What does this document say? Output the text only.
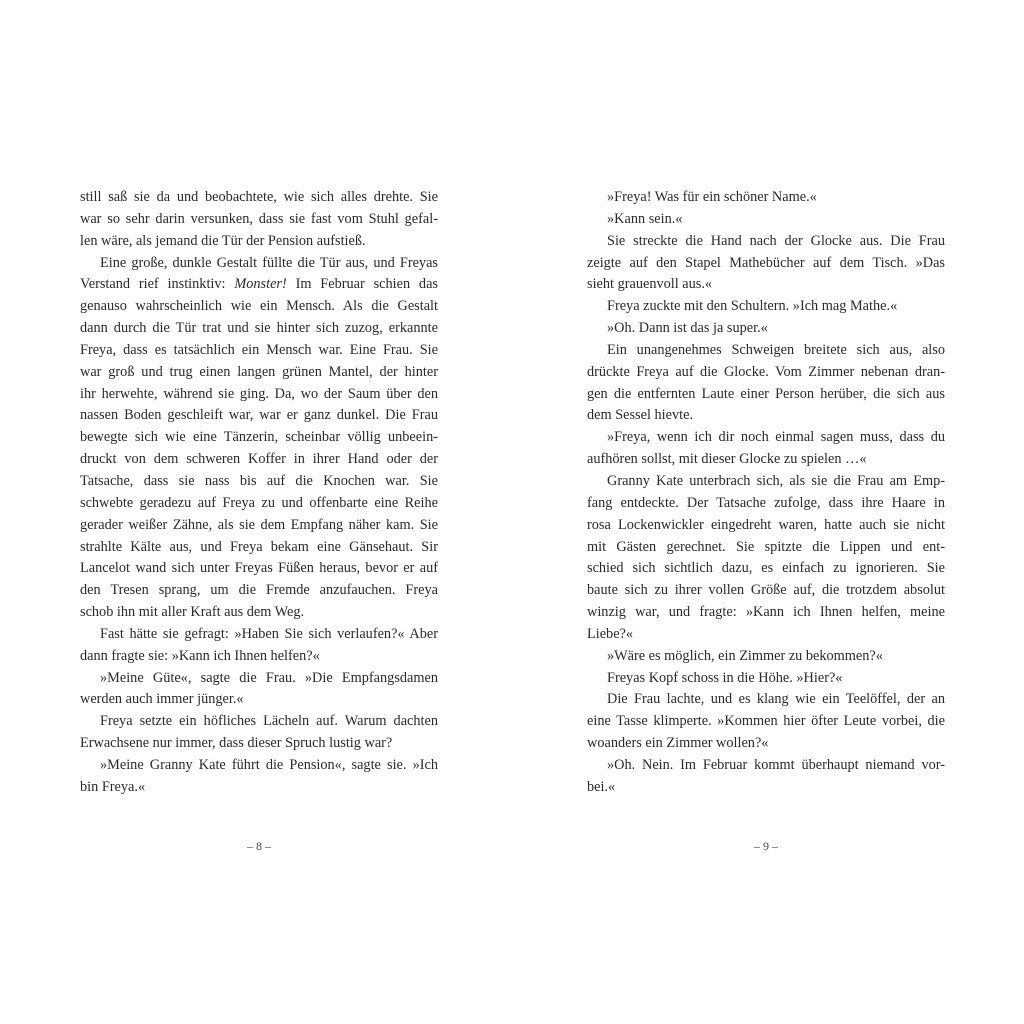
still saß sie da und beobachtete, wie sich alles drehte. Sie
war so sehr darin versunken, dass sie fast vom Stuhl gefal-
len wäre, als jemand die Tür der Pension aufstieß.
Eine große, dunkle Gestalt füllte die Tür aus, und Freyas
Verstand rief instinktiv: Monster! Im Februar schien das
genauso wahrscheinlich wie ein Mensch. Als die Gestalt
dann durch die Tür trat und sie hinter sich zuzog, erkannte
Freya, dass es tatsächlich ein Mensch war. Eine Frau. Sie
war groß und trug einen langen grünen Mantel, der hinter
ihr herwehte, während sie ging. Da, wo der Saum über den
nassen Boden geschleift war, war er ganz dunkel. Die Frau
bewegte sich wie eine Tänzerin, scheinbar völlig unbeein-
druckt von dem schweren Koffer in ihrer Hand oder der
Tatsache, dass sie nass bis auf die Knochen war. Sie
schwebte geradezu auf Freya zu und offenbarte eine Reihe
gerader weißer Zähne, als sie dem Empfang näher kam. Sie
strahlte Kälte aus, und Freya bekam eine Gänsehaut. Sir
Lancelot wand sich unter Freyas Füßen heraus, bevor er auf
den Tresen sprang, um die Fremde anzufauchen. Freya
schob ihn mit aller Kraft aus dem Weg.
Fast hätte sie gefragt: »Haben Sie sich verlaufen?« Aber
dann fragte sie: »Kann ich Ihnen helfen?«
»Meine Güte«, sagte die Frau. »Die Empfangsdamen
werden auch immer jünger.«
Freya setzte ein höfliches Lächeln auf. Warum dachten
Erwachsene nur immer, dass dieser Spruch lustig war?
»Meine Granny Kate führt die Pension«, sagte sie. »Ich
bin Freya.«
– 8 –
»Freya! Was für ein schöner Name.«
»Kann sein.«
Sie streckte die Hand nach der Glocke aus. Die Frau
zeigte auf den Stapel Mathebücher auf dem Tisch. »Das
sieht grauenvoll aus.«
Freya zuckte mit den Schultern. »Ich mag Mathe.«
»Oh. Dann ist das ja super.«
Ein unangenehmes Schweigen breitete sich aus, also
drückte Freya auf die Glocke. Vom Zimmer nebenan dran-
gen die entfernten Laute einer Person herüber, die sich aus
dem Sessel hievte.
»Freya, wenn ich dir noch einmal sagen muss, dass du
aufhören sollst, mit dieser Glocke zu spielen …«
Granny Kate unterbrach sich, als sie die Frau am Emp-
fang entdeckte. Der Tatsache zufolge, dass ihre Haare in
rosa Lockenwickler eingedreht waren, hatte auch sie nicht
mit Gästen gerechnet. Sie spitzte die Lippen und ent-
schied sich sichtlich dazu, es einfach zu ignorieren. Sie
baute sich zu ihrer vollen Größe auf, die trotzdem absolut
winzig war, und fragte: »Kann ich Ihnen helfen, meine
Liebe?«
»Wäre es möglich, ein Zimmer zu bekommen?«
Freyas Kopf schoss in die Höhe. »Hier?«
Die Frau lachte, und es klang wie ein Teelöffel, der an
eine Tasse klimperte. »Kommen hier öfter Leute vorbei, die
woanders ein Zimmer wollen?«
»Oh. Nein. Im Februar kommt überhaupt niemand vor-
bei.«
– 9 –
